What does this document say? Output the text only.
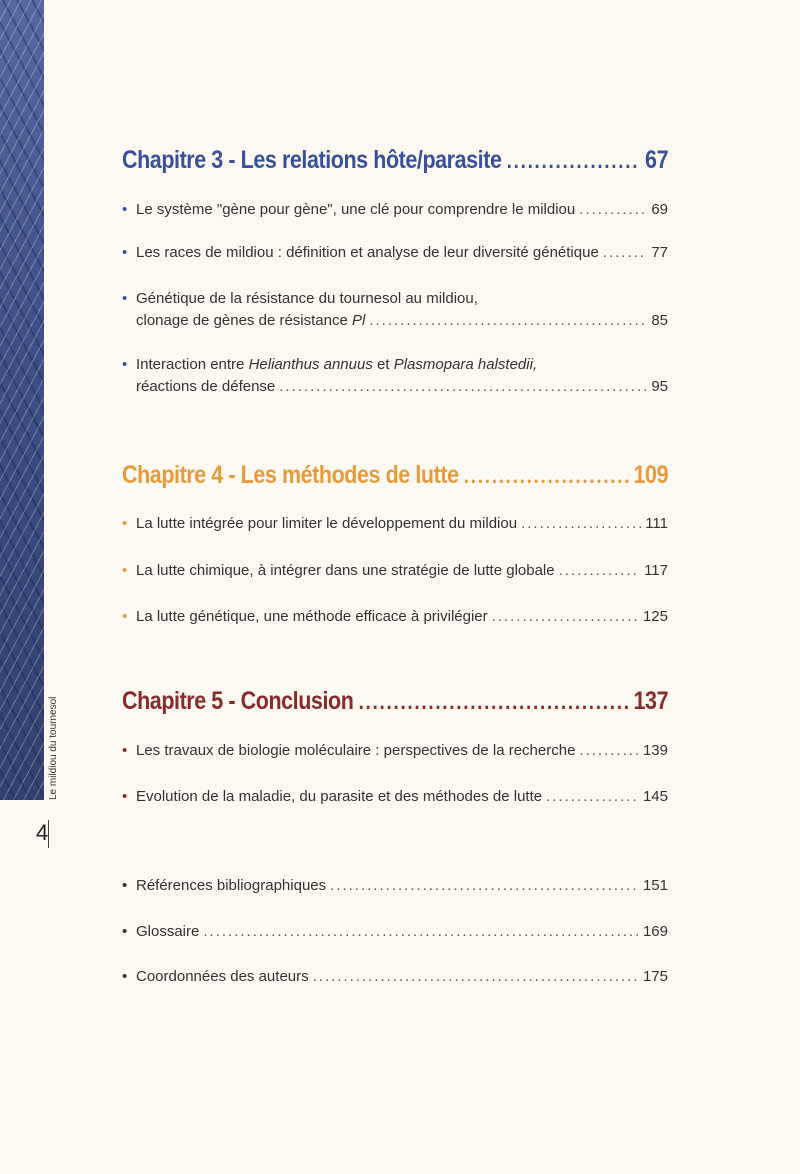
Le mildiou du tournesol
4
Chapitre 3 - Les relations hôte/parasite .....	67
• Le système "gène pour gène", une clé pour comprendre le mildiou .....	69
• Les races de mildiou : définition et analyse de leur diversité génétique .....	77
• Génétique de la résistance du tournesol au mildiou,
clonage de gènes de résistance
Pl .....	85
• Interaction entre
Helianthus annuus
et
Plasmopara halstedii,
réactions de défense .....	95
Chapitre 4 - Les méthodes de lutte .....	109
• La lutte intégrée pour limiter le développement du mildiou .....	111
• La lutte chimique, à intégrer dans une stratégie de lutte globale .....	117
• La lutte génétique, une méthode efficace à privilégier .....	125
Chapitre 5 - Conclusion .....	137
• Les travaux de biologie moléculaire : perspectives de la recherche .....	139
• Evolution de la maladie, du parasite et des méthodes de lutte .....	145
• Références bibliographiques .....	151
• Glossaire .....	169
• Coordonnées des auteurs .....	175
